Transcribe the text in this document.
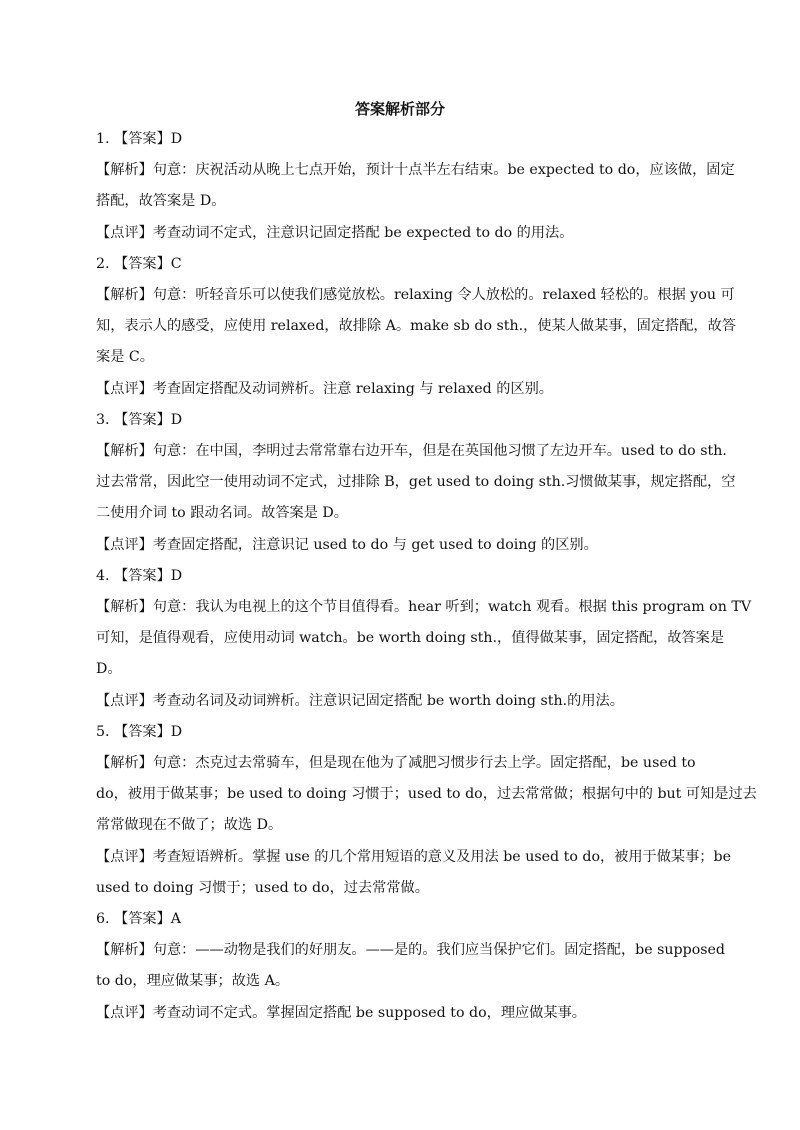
答案解析部分
1. 【答案】D
【解析】句意：庆祝活动从晚上七点开始，预计十点半左右结束。be expected to do，应该做，固定
搭配，故答案是 D。
【点评】考查动词不定式，注意识记固定搭配 be expected to do 的用法。
2. 【答案】C
【解析】句意：听轻音乐可以使我们感觉放松。relaxing 令人放松的。relaxed 轻松的。根据 you 可
知，表示人的感受，应使用 relaxed，故排除 A。make sb do sth.，使某人做某事，固定搭配，故答
案是 C。
【点评】考查固定搭配及动词辨析。注意 relaxing 与 relaxed 的区别。
3. 【答案】D
【解析】句意：在中国，李明过去常常靠右边开车，但是在英国他习惯了左边开车。used to do sth.
过去常常，因此空一使用动词不定式，过排除 B，get used to doing sth.习惯做某事，规定搭配，空
二使用介词 to 跟动名词。故答案是 D。
【点评】考查固定搭配，注意识记 used to do 与 get used to doing 的区别。
4. 【答案】D
【解析】句意：我认为电视上的这个节目值得看。hear 听到；watch 观看。根据 this program on TV
可知，是值得观看，应使用动词 watch。be worth doing sth.，值得做某事，固定搭配，故答案是
D。
【点评】考查动名词及动词辨析。注意识记固定搭配 be worth doing sth.的用法。
5. 【答案】D
【解析】句意：杰克过去常骑车，但是现在他为了减肥习惯步行去上学。固定搭配，be used to
do，被用于做某事；be used to doing 习惯于；used to do，过去常常做；根据句中的 but 可知是过去
常常做现在不做了；故选 D。
【点评】考查短语辨析。掌握 use 的几个常用短语的意义及用法 be used to do，被用于做某事；be
used to doing 习惯于；used to do，过去常常做。
6. 【答案】A
【解析】句意：——动物是我们的好朋友。——是的。我们应当保护它们。固定搭配，be supposed
to do，理应做某事；故选 A。
【点评】考查动词不定式。掌握固定搭配 be supposed to do，理应做某事。
